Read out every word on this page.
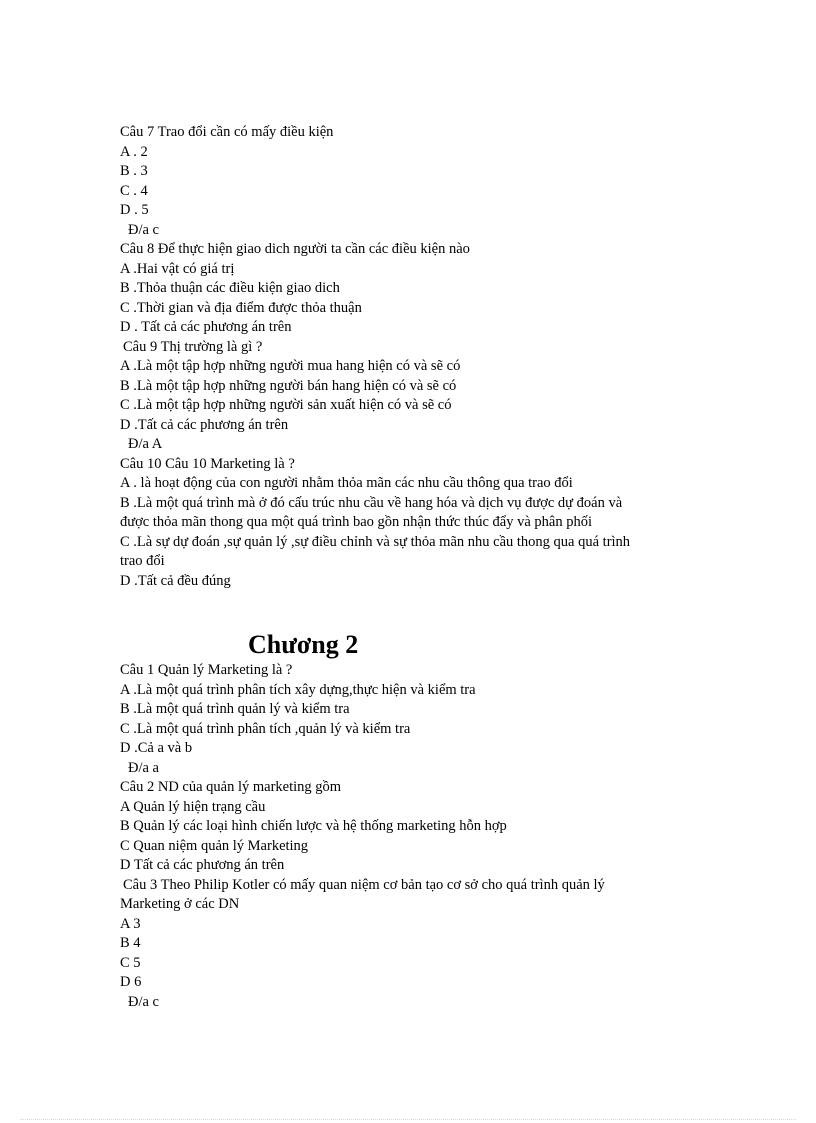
Câu 7 Trao đổi cần có mấy điều kiện
A . 2
B . 3
C . 4
D . 5
Đ/a c
Câu 8 Để thực hiện giao dich người ta cần các điều kiện nào
A .Hai vật có giá trị
B .Thỏa thuận các điều kiện giao dich
C .Thời gian và địa điểm được thỏa thuận
D . Tất cả các phương án trên
Câu 9 Thị trường là gì ?
A .Là một tập hợp những người mua hang hiện có và sẽ có
B .Là một tập hợp những người bán hang hiện có và sẽ có
C .Là một tập hợp những người sản xuất hiện có và sẽ có
D .Tất cả các phương án trên
Đ/a A
Câu 10 Câu 10 Marketing là ?
A . là hoạt động của con người nhằm thỏa mãn các nhu cầu thông qua trao đổi
B .Là một quá trình mà ở đó cấu trúc nhu cầu về hang hóa và dịch vụ được dự đoán và
được thỏa mãn thong qua một quá trình bao gồn nhận thức thúc đẩy và phân phối
C .Là sự dự đoán ,sự quản lý ,sự điều chỉnh và sự thỏa mãn nhu cầu thong qua quá trình
trao đổi
D .Tất cả đều đúng
Chương 2
Câu 1 Quản lý Marketing là ?
A .Là một quá trình phân tích xây dựng,thực hiện và kiểm tra
B .Là một quá trình quản lý và kiểm tra
C .Là một quá trình phân tích ,quản lý và kiểm tra
D .Cả a và b
Đ/a a
Câu 2 ND của quản lý marketing gồm
A Quản lý hiện trạng cầu
B Quản lý các loại hình chiến lược và hệ thống marketing hỗn hợp
C Quan niệm quản lý Marketing
D Tất cả các phương án trên
Câu 3 Theo Philip Kotler có mấy quan niệm cơ bản tạo cơ sở cho quá trình quản lý
Marketing ở các DN
A 3
B 4
C 5
D 6
Đ/a c
